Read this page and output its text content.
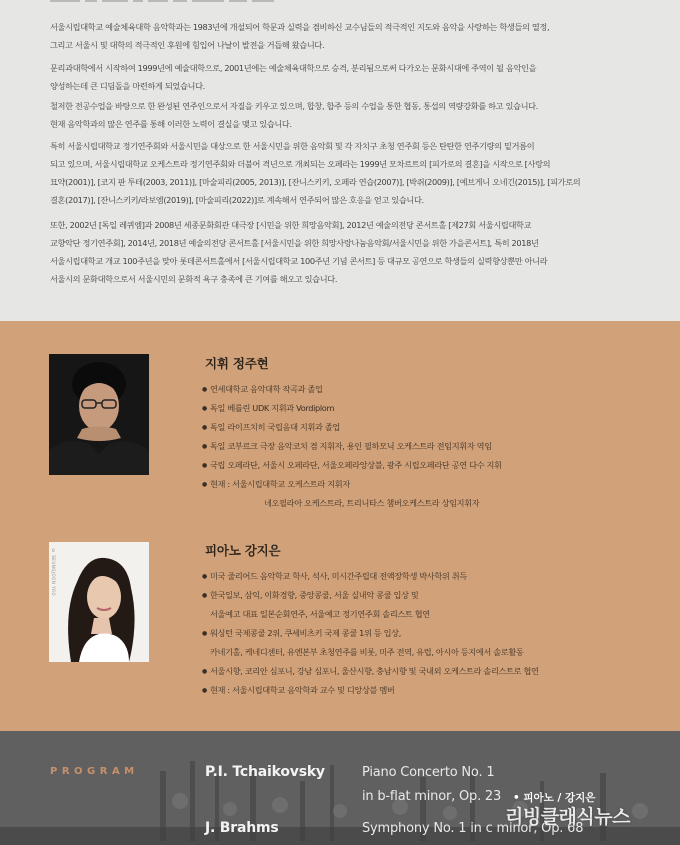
서울시립대학교 예술체육대학 음악학과는 1983년에 개설되어 학문과 실력을 겸비하신 교수님들의 적극적인 지도와 음악을 사랑하는 학생들의 열정,
그리고 서울시 및 대학의 적극적인 후원에 힘입어 나날이 발전을 거듭해 왔습니다.
문리과대학에서 시작하여 1999년에 예술대학으로, 2001년에는 예술체육대학으로 승격, 분리됨으로써 다가오는 문화시대에 주역이 될 음악인을
양성하는데 큰 디딤돌을 마련하게 되었습니다.
철저한 전공수업을 바탕으로 한 완성된 연주인으로서 자질을 키우고 있으며, 합창, 합주 등의 수업을 통한 협동, 통섭의 역량강화를 하고 있습니다.
현재 음악학과의 많은 연주를 통해 이러한 노력이 결실을 맺고 있습니다.
특히 서울시립대학교 정기연주회와 서울시민을 대상으로 한 서울시민을 위한 음악회 및 각 자치구 초청 연주회 등은 탄탄한 연주기량의 밑거름이
되고 있으며, 서울시립대학교 오케스트라 정기연주회와 더불어 격년으로 개최되는 오페라는 1999년 모차르트의 [피가로의 결혼]을 시작으로 [사랑의
묘약(2001)], [코지 판 투테(2003, 2011)], [마술피리(2005, 2013)], [잔니스키키, 오페라 연습(2007)], [박쥐(2009)], [예브게니 오네긴(2015)], [피가로의
결혼(2017)], [잔니스키키/라보엠(2019)], [마술피리(2022)]로 계속해서 연주되어 많은 호응을 얻고 있습니다.
또한, 2002년 [독일 레퀴엠]과 2008년 세종문화회관 대극장 [시민을 위한 희망음악회], 2012년 예술의전당 콘서트홀 [제27회 서울시립대학교
교향악단 정기연주회], 2014년, 2018년 예술의전당 콘서트홀 [서울시민을 위한 희망사랑나눔음악회/서울시민을 위한 가을콘서트], 특히 2018년
서울시립대학교 개교 100주년을 맞아 롯데콘서트홀에서 [서울시립대학교 100주년 기념 콘서트] 등 대규모 공연으로 학생들의 실력향상뿐만 아니라
서울시의 문화대학으로서 서울시민의 문화적 욕구 충족에 큰 기여를 해오고 있습니다.
지휘 정주현
● 연세대학교 음악대학 작곡과 졸업
● 독일 베를린 UDK 지휘과 Vordiplom
● 독일 라이프치히 국립음대 지휘과 졸업
● 독일 코부르크 극장 음악코치 겸 지휘자, 용인 필하모닉 오케스트라 전임지휘자 역임
● 국립 오페라단, 서울시 오페라단, 서울오페라앙상블, 광주 시립오페라단 공연 다수 지휘
● 현재 : 서울시립대학교 오케스트라 지휘자
네오필라아 오케스트라, 트리니타스 챔버오케스트라 상임지휘자
© SEUNGJOON YOO	피아노 강지은
● 미국 줄리어드 음악학교 학사, 석사, 미시간주립대 전액장학생 박사학위 취득
● 한국일보, 삼익, 이화경향, 중앙콩쿨, 서울 실내악 콩쿨 입상 및
서울예고 대표 일본순회연주, 서울예고 정기연주회 솔리스트 협연
● 워싱턴 국제콩쿨 2위, 쿠세비츠키 국제 콩쿨 1위 등 입상,
카네기홀, 케네디센터, 유엔본부 초청연주를 비롯, 미주 전역, 유럽, 아시아 등지에서 솔로활동
● 서울시향, 코리안 심포니, 강남 심포니, 울산시향, 충남시향 및 국내외 오케스트라 솔리스트로 협연
● 현재 : 서울시립대학교 음악학과 교수 및 디앙상블 멤버
PROGRAM	P.I. Tchaikovsky	Piano Concerto No. 1
in b-flat minor, Op. 23 • 피아노 / 강지은
J. Brahms	Symphony No. 1 in c minor, Op. 68
리빙클래식뉴스
